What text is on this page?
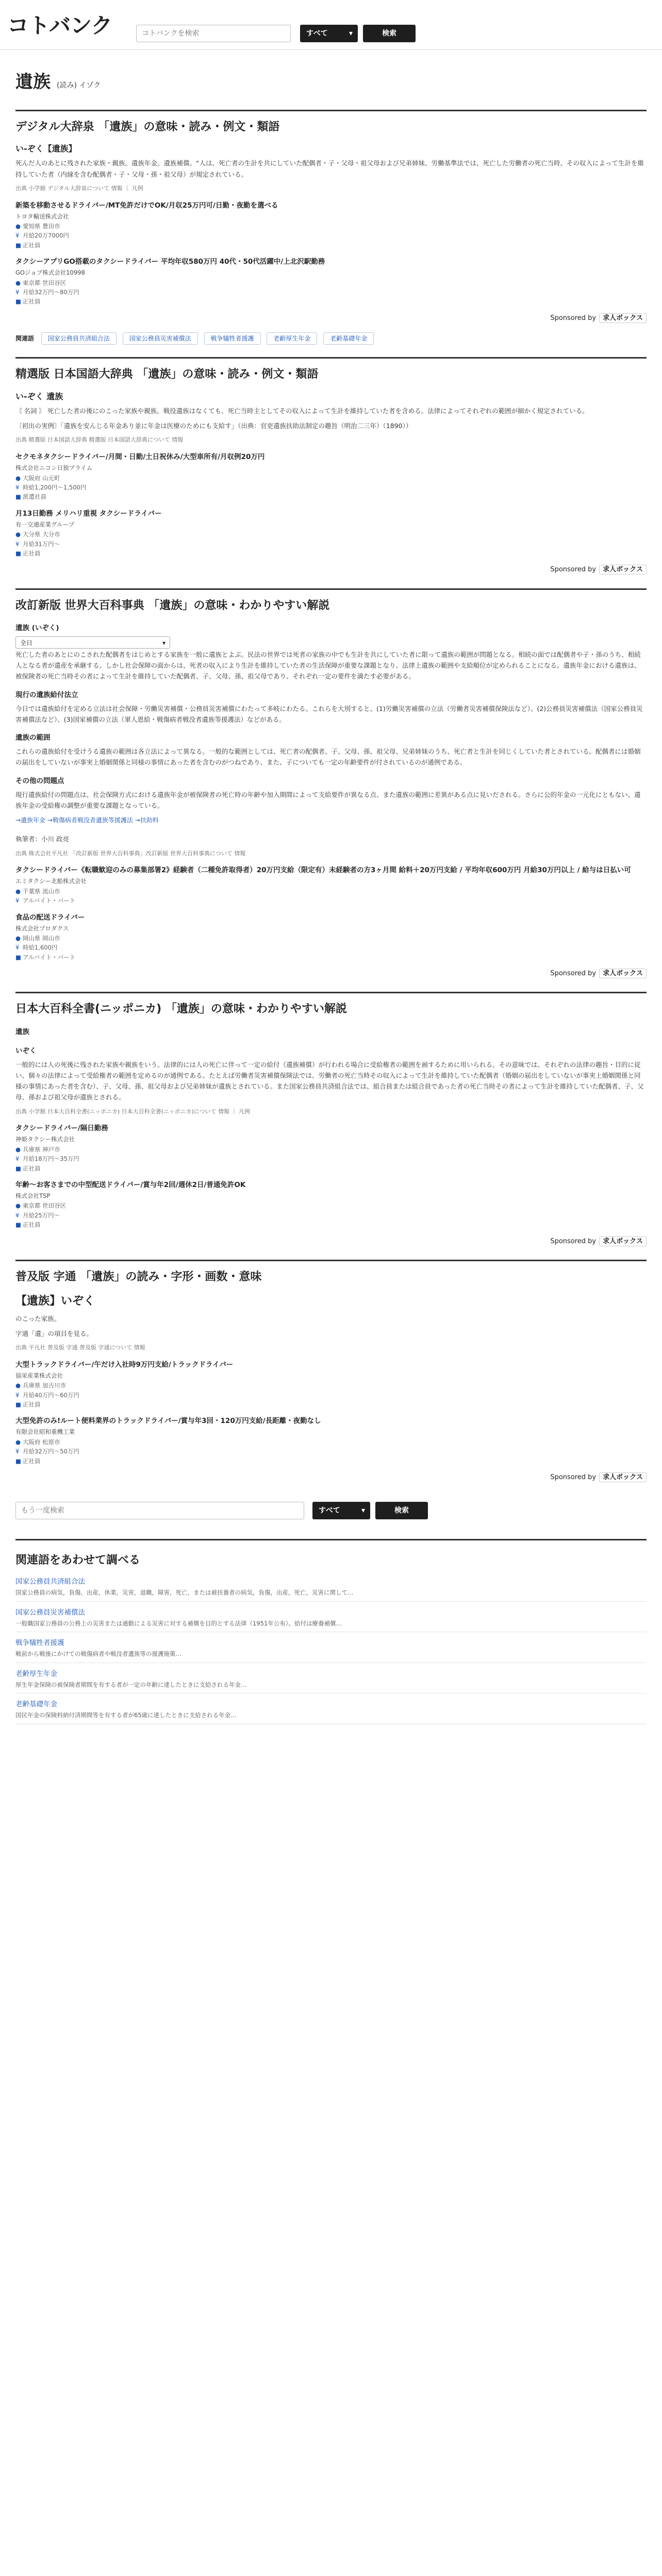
コトバンク
コトバンクを検索	すべて	▾	検索
遺族 (読み) イゾク
デジタル大辞泉 「遺族」の意味・読み・例文・類語
い‐ぞく【遺族】

死んだ人のあとに残された家族・親族。遺族年金。遺族補償。“人は、死亡者の生計を共にしていた配偶者・子・父母・祖父母および兄弟姉妹、労働基準法では、死亡した労働者の死亡当時、その収入によって生計を維持していた者（内縁を含む配偶者・子・父母・孫・祖父母）が規定されている。

出典 小学館 デジタル大辞泉について 情報 ｜ 凡例
新築を移動させるドライバー/MT免許だけでOK/月収25万円可/日勤・夜勤を選べる
トヨタ輸送株式会社
● 愛知県 豊田市
¥ 月給20万7000円
■ 正社員
タクシーアプリGO搭載のタクシードライバー 平均年収580万円 40代・50代活躍中/上北沢駅勤務
GOジョブ株式会社10998
● 東京都 世田谷区
¥ 月給32万円〜80万円
■ 正社員
Sponsored by 求人ボックス
関連語 国家公務員共済組合法	国家公務員災害補償法	戦争犠牲者援護	老齢厚生年金	老齢基礎年金
精選版 日本国語大辞典 「遺族」の意味・読み・例文・類語
い‐ぞく 遺族

〘 名詞 〙 死亡した者の後にのこった家族や親族。戦役遺族はなくても、死亡当時主としてその収入によって生計を維持していた者を含める。法律によってそれぞれの範囲が細かく規定されている。

〔初出の実例〕「遺族を安んじる年金あり並に年金は医療のためにも支給す」（出典：官吏遺族扶助法制定の趣旨（明治二三年）（1890））

出典 精選版 日本国語大辞典 精選版 日本国語大辞典について 情報
セクモネタクシードライバー/月間・日勤/土日祝休み/大型車所有/月収例20万円
株式会社ニコン日独プライム
● 大阪府 山元町
¥ 時給1,200円〜1,500円
■ 派遣社員
月13日勤務 メリハリ重視 タクシードライバー
有一交通産業グループ
● 大分県 大分市
¥ 月給31万円〜
■ 正社員
Sponsored by 求人ボックス
改訂新版 世界大百科事典 「遺族」の意味・わかりやすい解説
遺族 (いぞく)
全日	▾

死亡した者のあとにのこされた配偶者をはじめとする家族を一般に遺族とよぶ。民法の世界では死者の家族の中でも生計を共にしていた者に限って遺族の範囲が問題となる。相続の面では配偶者や子・孫のうち、相続人となる者が遺産を承継する。しかし社会保障の面からは、死者の収入により生計を維持していた者の生活保障が重要な課題となり、法律上遺族の範囲や支給順位が定められることになる。遺族年金における遺族は、被保険者の死亡当時その者によって生計を維持していた配偶者、子、父母、孫、祖父母であり、それぞれ一定の要件を満たす必要がある。

現行の遺族給付法立

今日では遺族給付を定める立法は社会保障・労働災害補償・公務員災害補償にわたって多岐にわたる。これらを大別すると、(1)労働災害補償の立法（労働者災害補償保険法など）、(2)公務員災害補償法（国家公務員災害補償法など）、(3)国家補償の立法（軍人恩給・戦傷病者戦没者遺族等援護法）などがある。

遺族の範囲

これらの遺族給付を受けうる遺族の範囲は各立法によって異なる。一般的な範囲としては、死亡者の配偶者、子、父母、孫、祖父母、兄弟姉妹のうち、死亡者と生計を同じくしていた者とされている。配偶者には婚姻の届出をしていないが事実上婚姻関係と同様の事情にあった者を含むのがつねであり、また、子についても一定の年齢要件が付されているのが通例である。

その他の問題点

現行遺族給付の問題点は、社会保険方式における遺族年金が被保険者の死亡時の年齢や加入期間によって支給要件が異なる点、また遺族の範囲に差異がある点に見いだされる。さらに公的年金の一元化にともない、遺族年金の受給権の調整が重要な課題となっている。

→遺族年金 →戦傷病者戦没者遺族等援護法 →扶助料
執筆者：小川 政亮
出典 株式会社平凡社 「改訂新版 世界大百科事典」改訂新版 世界大百科事典について 情報
タクシードライバー《転職歓迎のみの募集部署2》経験者（二種免許取得者）20万円支給（限定有）未経験者の方3ヶ月間 給料＋20万円支給 / 平均年収600万円 月給30万円以上 / 給与は日払い可
エミタクシー北船株式会社
● 千葉県 流山市
¥ アルバイト・パート
食品の配送ドライバー
株式会社プロダクス
● 岡山県 岡山市
¥ 時給1,600円
■ アルバイト・パート
Sponsored by 求人ボックス
日本大百科全書(ニッポニカ) 「遺族」の意味・わかりやすい解説
遺族
いぞく

一般的には人の死後に残された家族や親族をいう。法律的には人の死亡に伴って一定の給付（遺族補償）が行われる場合に受給権者の範囲を画するために用いられる。その意味では、それぞれの法律の趣旨・目的に従い、個々の法律によって受給権者の範囲を定めるのが通例である。たとえば労働者災害補償保険法では、労働者の死亡当時その収入によって生計を維持していた配偶者（婚姻の届出をしていないが事実上婚姻関係と同様の事情にあった者を含む）、子、父母、孫、祖父母および兄弟姉妹が遺族とされている。また国家公務員共済組合法では、組合員または組合員であった者の死亡当時その者によって生計を維持していた配偶者、子、父母、孫および祖父母が遺族とされる。

出典 小学館 日本大百科全書(ニッポニカ) 日本大百科全書(ニッポニカ)について 情報 ｜ 凡例
タクシードライバー/隔日勤務
神姫タクシー株式会社
● 兵庫県 神戸市
¥ 月給18万円〜35万円
■ 正社員
年齢〜お客さまでの中型配送ドライバー/賞与年2回/週休2日/普通免許OK
株式会社TSP
● 東京都 世田谷区
¥ 月給25万円〜
■ 正社員
Sponsored by 求人ボックス
普及版 字通 「遺族」の読み・字形・画数・意味
【遺族】いぞく

のこった家族。

字通「遺」の項目を見る。

出典 平凡社 普及版 字通 普及版 字通について 情報
大型トラックドライバー/午だけ入社時9万円支給/トラックドライバー
協栄産業株式会社
● 兵庫県 加古川市
¥ 月給40万円〜60万円
■ 正社員
大型免許のみ!ルート便料業界のトラックドライバー/賞与年3回・120万円支給/長距離・夜勤なし
有限会社昭和重機工業
● 大阪府 松原市
¥ 月給32万円〜50万円
■ 正社員
Sponsored by 求人ボックス
もう一度検索
すべて	▾	検索
関連語をあわせて調べる
国家公務員共済組合法
国家公務員の病気，負傷，出産，休業，災害，退職，障害，死亡，または被扶養者の病気，負傷，出産，死亡，災害に関して…
国家公務員災害補償法
一般職国家公務員の公務上の災害または通勤による災害に対する補償を目的とする法律（1951年公布）。給付は療養補償…
戦争犠牲者援護
戦前から戦後にかけての戦傷病者や戦没者遺族等の援護施策…
老齢厚生年金
厚生年金保険の被保険者期間を有する者が一定の年齢に達したときに支給される年金…
老齢基礎年金
国民年金の保険料納付済期間等を有する者が65歳に達したときに支給される年金…
